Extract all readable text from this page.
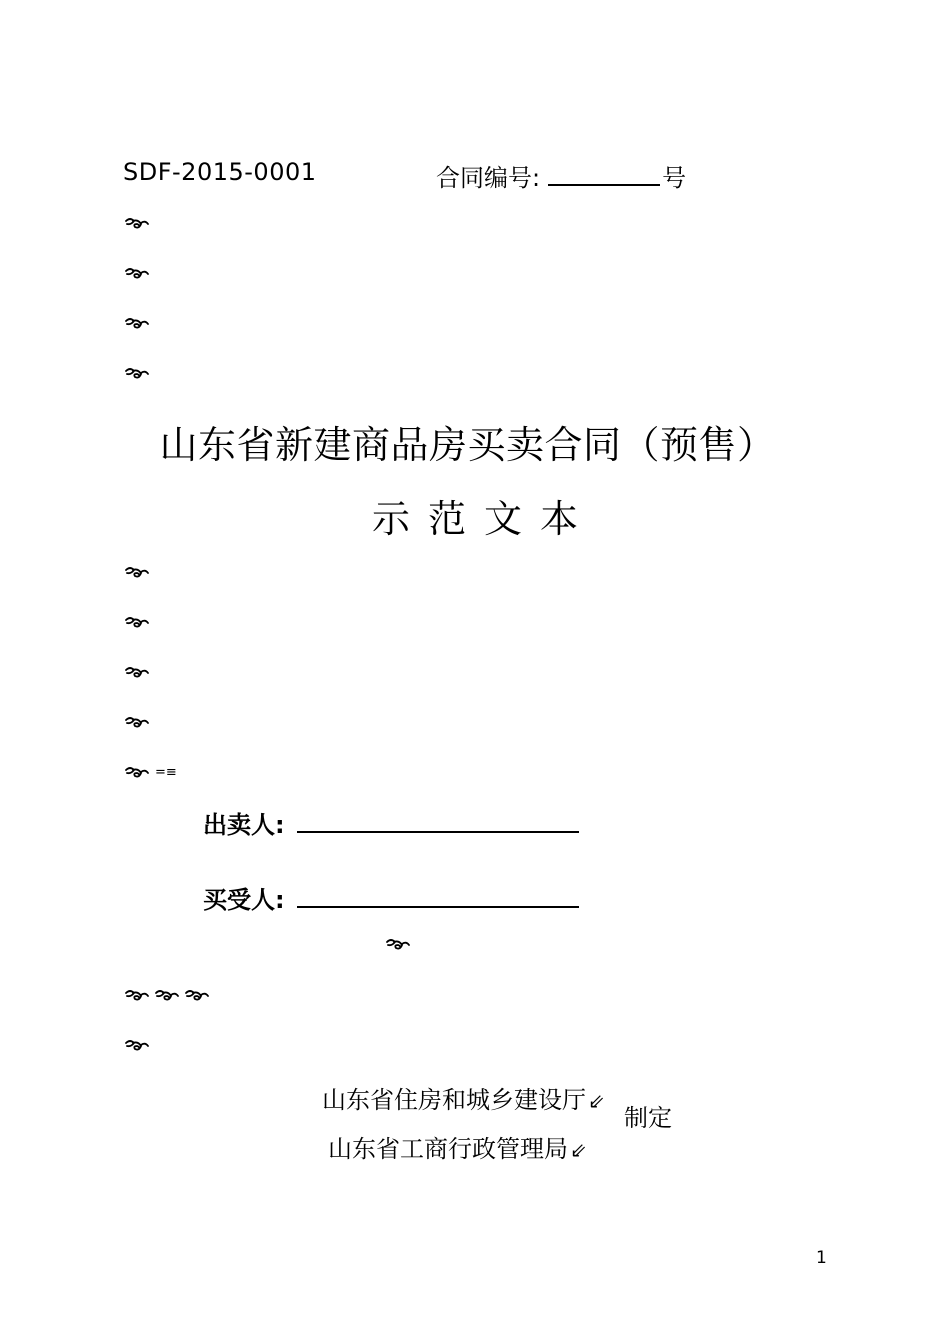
SDF-2015-0001	合同编号:	号
山东省新建商品房买卖合同（预售）
示范文本
=≡
出卖人:
买受人:
山东省住房和城乡建设厅 ⇙
山东省工商行政管理局 ⇙
制定
1
